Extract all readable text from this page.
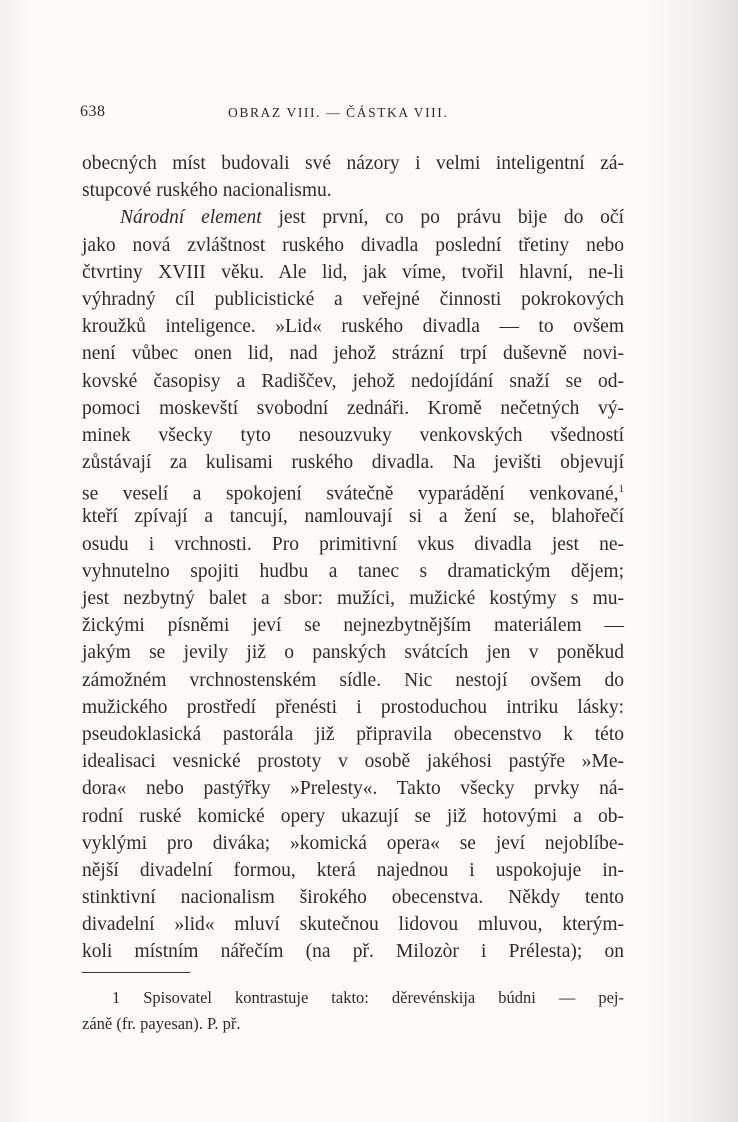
638	OBRAZ VIII. — ČÁSTKA VIII.
obecných míst budovali své názory i velmi inteligentní zá-
stupcové ruského nacionalismu.
Národní element jest první, co po právu bije do očí
jako nová zvláštnost ruského divadla poslední třetiny nebo
čtvrtiny XVIII věku. Ale lid, jak víme, tvořil hlavní, ne-li
výhradný cíl publicistické a veřejné činnosti pokrokových
kroužků inteligence. »Lid« ruského divadla — to ovšem
není vůbec onen lid, nad jehož strázní trpí duševně novi-
kovské časopisy a Radiščev, jehož nedojídání snaží se od-
pomoci moskevští svobodní zednáři. Kromě nečetných vý-
minek všecky tyto nesouzvuky venkovských všedností
zůstávají za kulisami ruského divadla. Na jevišti objevují
se veselí a spokojení svátečně vyparádění venkované,$^1$
kteří zpívají a tancují, namlouvají si a žení se, blahořečí
osudu i vrchnosti. Pro primitivní vkus divadla jest ne-
vyhnutelno spojiti hudbu a tanec s dramatickým dějem;
jest nezbytný balet a sbor: mužíci, mužické kostýmy s mu-
žickými písněmi jeví se nejnezbytnějším materiálem —
jakým se jevily již o panských svátcích jen v poněkud
zámožném vrchnostenském sídle. Nic nestojí ovšem do
mužického prostředí přenésti i prostoduchou intriku lásky:
pseudoklasická pastorála již připravila obecenstvo k této
idealisaci vesnické prostoty v osobě jakéhosi pastýře »Me-
dora« nebo pastýřky »Prelesty«. Takto všecky prvky ná-
rodní ruské komické opery ukazují se již hotovými a ob-
vyklými pro diváka; »komická opera« se jeví nejoblíbe-
nější divadelní formou, která najednou i uspokojuje in-
stinktivní nacionalism širokého obecenstva. Někdy tento
divadelní »lid« mluví skutečnou lidovou mluvou, kterým-
koli místním nářečím (na př. Milozòr i Prélesta); on
1 Spisovatel kontrastuje takto: děrevénskija búdni — pej-
záně (fr. payesan). P. př.
